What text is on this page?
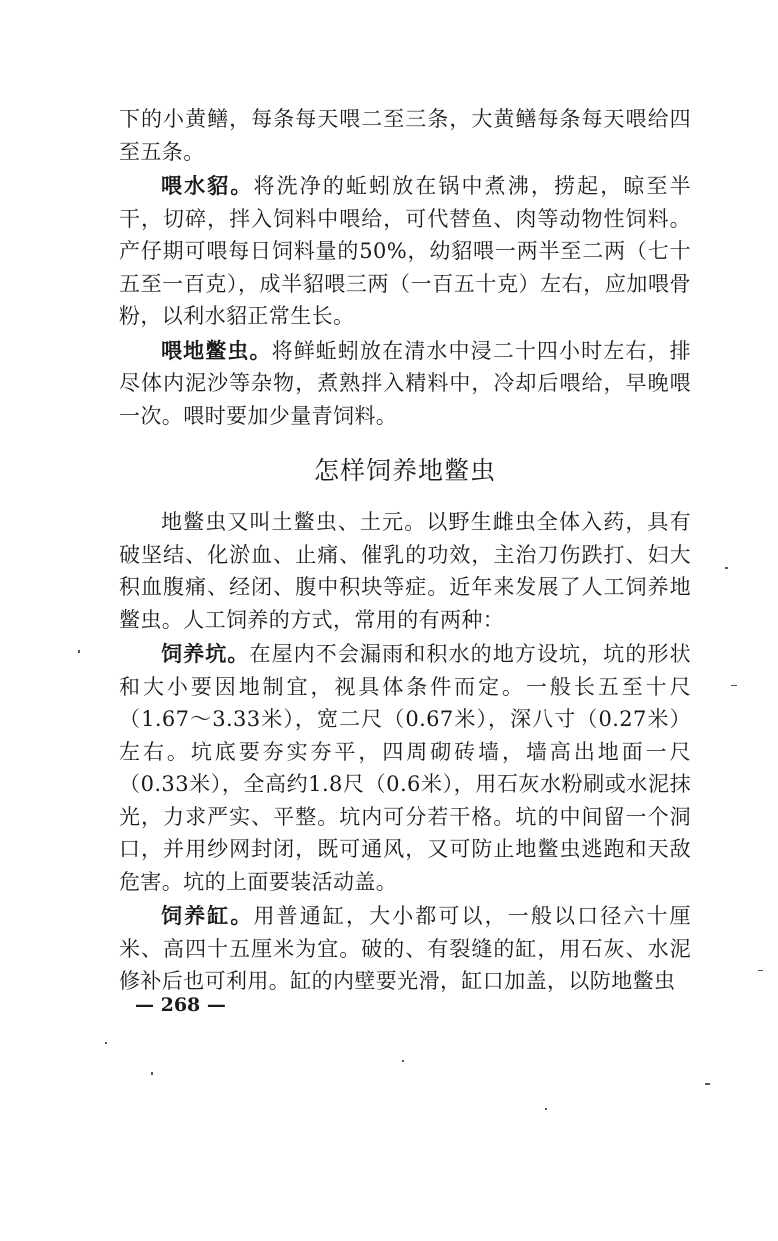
下的小黄鳝，每条每天喂二至三条，大黄鳝每条每天喂给四至五条。

喂水貂。将洗净的蚯蚓放在锅中煮沸，捞起，晾至半干，切碎，拌入饲料中喂给，可代替鱼、肉等动物性饲料。产仔期可喂每日饲料量的50%，幼貂喂一两半至二两（七十五至一百克），成半貂喂三两（一百五十克）左右，应加喂骨粉，以利水貂正常生长。

喂地鳖虫。将鲜蚯蚓放在清水中浸二十四小时左右，排尽体内泥沙等杂物，煮熟拌入精料中，冷却后喂给，早晚喂一次。喂时要加少量青饲料。

怎样饲养地鳖虫

地鳖虫又叫土鳖虫、土元。以野生雌虫全体入药，具有破坚结、化淤血、止痛、催乳的功效，主治刀伤跌打、妇大积血腹痛、经闭、腹中积块等症。近年来发展了人工饲养地鳖虫。人工饲养的方式，常用的有两种：

饲养坑。在屋内不会漏雨和积水的地方设坑，坑的形状和大小要因地制宜，视具体条件而定。一般长五至十尺（1.67～3.33米），宽二尺（0.67米），深八寸（0.27米）左右。坑底要夯实夯平，四周砌砖墙，墙高出地面一尺（0.33米），全高约1.8尺（0.6米），用石灰水粉刷或水泥抹光，力求严实、平整。坑内可分若干格。坑的中间留一个洞口，并用纱网封闭，既可通风，又可防止地鳖虫逃跑和天敌危害。坑的上面要装活动盖。

饲养缸。用普通缸，大小都可以，一般以口径六十厘米、高四十五厘米为宜。破的、有裂缝的缸，用石灰、水泥修补后也可利用。缸的内壁要光滑，缸口加盖，以防地鳖虫

— 268 —
